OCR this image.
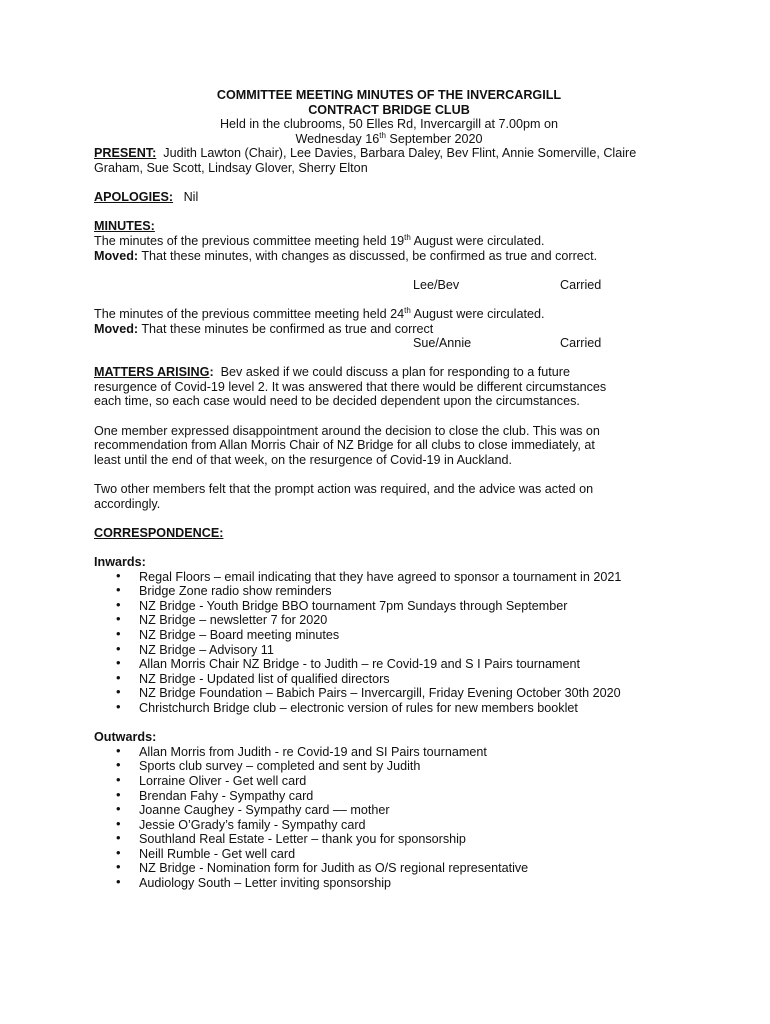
COMMITTEE MEETING MINUTES OF THE INVERCARGILL
CONTRACT BRIDGE CLUB
Held in the clubrooms, 50 Elles Rd, Invercargill at 7.00pm on
Wednesday 16th September 2020
PRESENT: Judith Lawton (Chair), Lee Davies, Barbara Daley, Bev Flint, Annie Somerville, Claire Graham, Sue Scott, Lindsay Glover, Sherry Elton
APOLOGIES: Nil
MINUTES:
The minutes of the previous committee meeting held 19th August were circulated.
Moved: That these minutes, with changes as discussed, be confirmed as true and correct.
Lee/Bev	Carried
The minutes of the previous committee meeting held 24th August were circulated.
Moved: That these minutes be confirmed as true and correct
Sue/Annie	Carried
MATTERS ARISING: Bev asked if we could discuss a plan for responding to a future
resurgence of Covid-19 level 2. It was answered that there would be different circumstances
each time, so each case would need to be decided dependent upon the circumstances.
One member expressed disappointment around the decision to close the club. This was on
recommendation from Allan Morris Chair of NZ Bridge for all clubs to close immediately, at
least until the end of that week, on the resurgence of Covid-19 in Auckland.
Two other members felt that the prompt action was required, and the advice was acted on
accordingly.
CORRESPONDENCE:
Inwards:
• Regal Floors – email indicating that they have agreed to sponsor a tournament in 2021
• Bridge Zone radio show reminders
• NZ Bridge - Youth Bridge BBO tournament 7pm Sundays through September
• NZ Bridge – newsletter 7 for 2020
• NZ Bridge – Board meeting minutes
• NZ Bridge – Advisory 11
• Allan Morris Chair NZ Bridge - to Judith – re Covid-19 and S I Pairs tournament
• NZ Bridge - Updated list of qualified directors
• NZ Bridge Foundation – Babich Pairs – Invercargill, Friday Evening October 30th 2020
• Christchurch Bridge club – electronic version of rules for new members booklet
Outwards:
• Allan Morris from Judith - re Covid-19 and SI Pairs tournament
• Sports club survey – completed and sent by Judith
• Lorraine Oliver - Get well card
• Brendan Fahy - Sympathy card
• Joanne Caughey - Sympathy card –– mother
• Jessie O’Grady’s family - Sympathy card
• Southland Real Estate - Letter – thank you for sponsorship
• Neill Rumble - Get well card
• NZ Bridge - Nomination form for Judith as O/S regional representative
• Audiology South – Letter inviting sponsorship
